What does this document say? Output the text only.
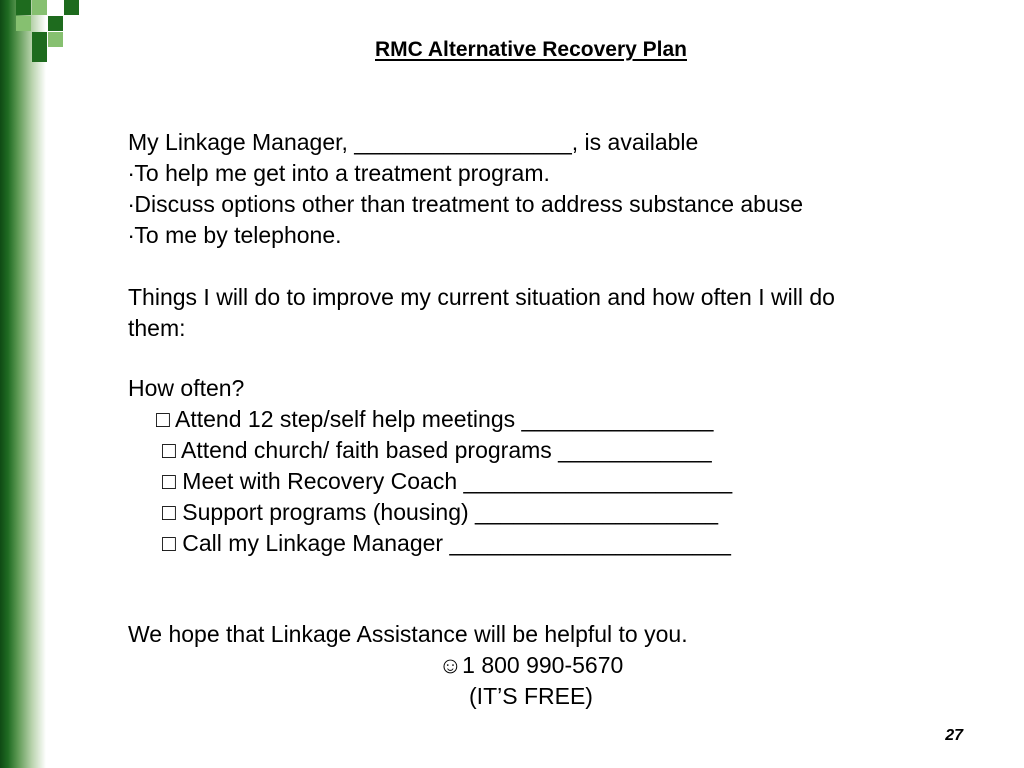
RMC Alternative Recovery Plan
My Linkage Manager, _________________, is available
∙To help me get into a treatment program.
∙Discuss options other than treatment to address substance abuse
∙To me by telephone.
Things I will do to improve my current situation and how often I will do
them:
How often?
□ Attend 12 step/self help meetings _______________
□ Attend church/ faith based programs ____________
□ Meet with Recovery Coach _____________________
□ Support programs (housing) ___________________
□ Call my Linkage Manager ______________________
We hope that Linkage Assistance will be helpful to you.
☺1 800 990-5670
(IT’S FREE)
27
